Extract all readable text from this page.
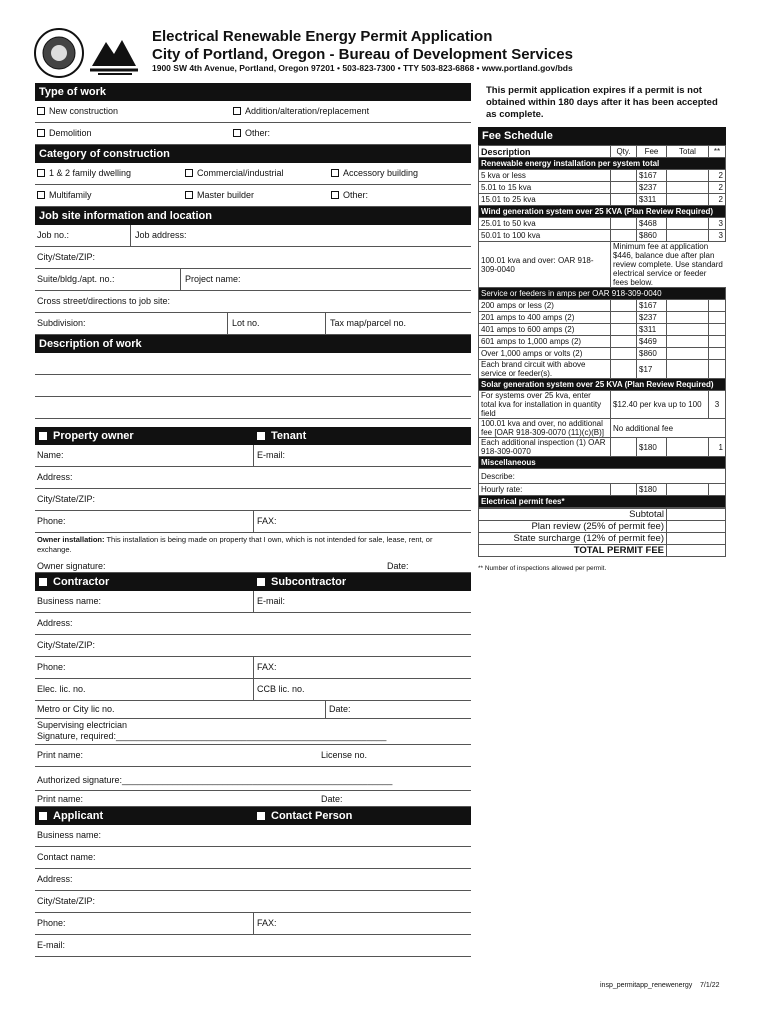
Electrical Renewable Energy Permit Application
City of Portland, Oregon - Bureau of Development Services
1900 SW 4th Avenue, Portland, Oregon 97201 • 503-823-7300 • TTY 503-823-6868 • www.portland.gov/bds
Type of work
New construction	Addition/alteration/replacement
Demolition	Other:
Category of construction
1 & 2 family dwelling	Commercial/industrial	Accessory building
Multifamily	Master builder	Other:
Job site information and location
Job no.:	Job address:
City/State/ZIP:
Suite/bldg./apt. no.:	Project name:
Cross street/directions to job site:
Subdivision:	Lot no.	Tax map/parcel no.
Description of work
Property owner	Tenant
Name:	E-mail:
Address:
City/State/ZIP:
Phone:	FAX:
Owner installation: This installation is being made on property that I own, which is not intended for sale, lease, rent, or exchange.
Owner signature:	Date:
Contractor	Subcontractor
Business name:	E-mail:
Address:
City/State/ZIP:
Phone:	FAX:
Elec. lic. no.	CCB lic. no.
Metro or City lic no.	Date:
Supervising electrician
Signature, required:______________________________________________________
Print name:	License no.
Authorized signature:______________________________________________________
Print name:	Date:
Applicant	Contact Person
Business name:
Contact name:
Address:
City/State/ZIP:
Phone:	FAX:
E-mail:
This permit application expires if a permit is not obtained within 180 days after it has been accepted as complete.
Fee Schedule
Description	Qty.	Fee	Total	**
Renewable energy installation per system total				
5 kva or less		$167		2
5.01 to 15 kva		$237		2
15.01 to 25 kva		$311		2
Wind generation system over 25 KVA (Plan Review Required)				
25.01 to 50 kva		$468		3
50.01 to 100 kva		$860		3
100.01 kva and over: OAR 918-309-0040	Minimum fee at application $446, balance due after plan review complete. Use standard electrical service or feeder fees below.			
Service or feeders in amps per OAR 918-309-0040				
200 amps or less (2)		$167		
201 amps to 400 amps (2)		$237		
401 amps to 600 amps (2)		$311		
601 amps to 1,000 amps (2)		$469		
Over 1,000 amps or volts (2)		$860		
Each brand circuit with above service or feeder(s).		$17		
Solar generation system over 25 KVA (Plan Review Required)				
For systems over 25 kva, enter total kva for installation in quantity field	$12.40 per kva up to 100			3
100.01 kva and over, no additional fee [OAR 918-309-0070 (11)(c)(B)]	No additional fee			
Each additional inspection (1) OAR 918-309-0070		$180		1
Miscellaneous				
Describe:				
Hourly rate:		$180		
Electrical permit fees*				
Subtotal	
Plan review (25% of permit fee)	
State surcharge (12% of permit fee)	
TOTAL PERMIT FEE	
** Number of inspections allowed per permit.
insp_permitapp_renewenergy 7/1/22
